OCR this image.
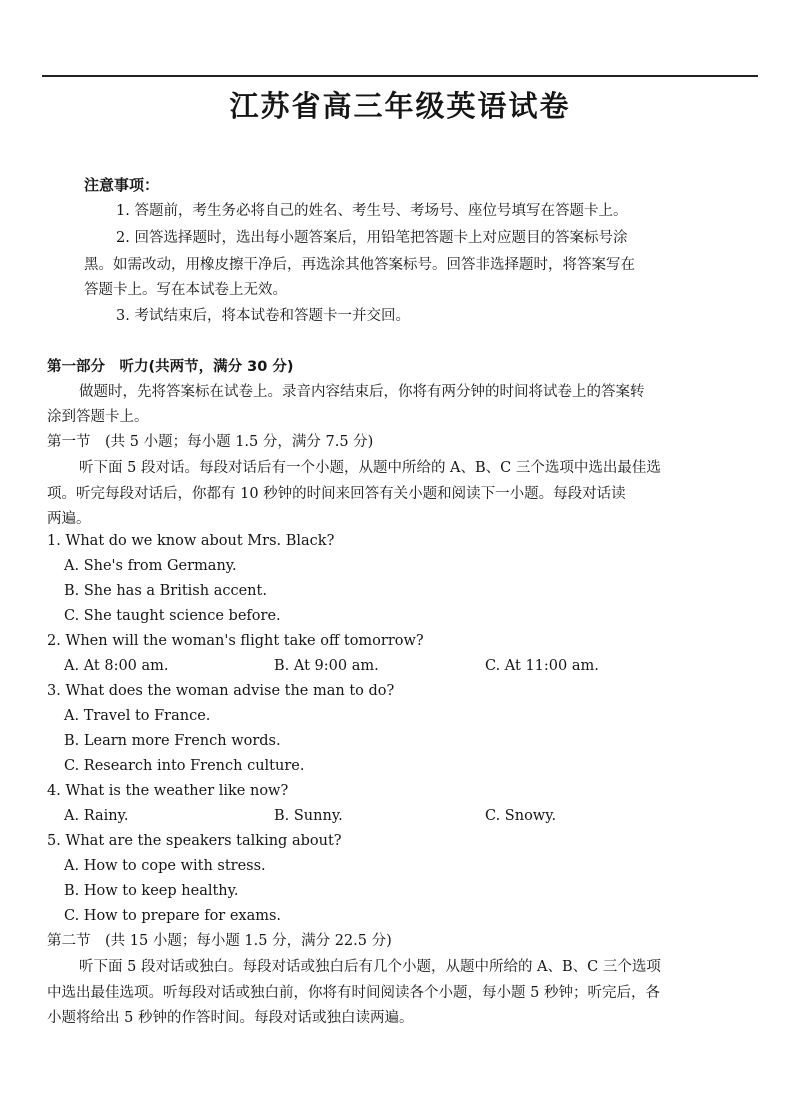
江苏省高三年级英语试卷
注意事项：
1. 答题前，考生务必将自己的姓名、考生号、考场号、座位号填写在答题卡上。
2. 回答选择题时，选出每小题答案后，用铅笔把答题卡上对应题目的答案标号涂
黑。如需改动，用橡皮擦干净后，再选涂其他答案标号。回答非选择题时，将答案写在
答题卡上。写在本试卷上无效。
3. 考试结束后，将本试卷和答题卡一并交回。
第一部分　听力(共两节，满分 30 分)
做题时，先将答案标在试卷上。录音内容结束后，你将有两分钟的时间将试卷上的答案转
涂到答题卡上。
第一节　(共 5 小题；每小题 1.5 分，满分 7.5 分)
听下面 5 段对话。每段对话后有一个小题，从题中所给的 A、B、C 三个选项中选出最佳选
项。听完每段对话后，你都有 10 秒钟的时间来回答有关小题和阅读下一小题。每段对话读
两遍。
1. What do we know about Mrs. Black?
A. She's from Germany.
B. She has a British accent.
C. She taught science before.
2. When will the woman's flight take off tomorrow?
A. At 8:00 am.	B. At 9:00 am.	C. At 11:00 am.
3. What does the woman advise the man to do?
A. Travel to France.
B. Learn more French words.
C. Research into French culture.
4. What is the weather like now?
A. Rainy.	B. Sunny.	C. Snowy.
5. What are the speakers talking about?
A. How to cope with stress.
B. How to keep healthy.
C. How to prepare for exams.
第二节　(共 15 小题；每小题 1.5 分，满分 22.5 分)
听下面 5 段对话或独白。每段对话或独白后有几个小题，从题中所给的 A、B、C 三个选项
中选出最佳选项。听每段对话或独白前，你将有时间阅读各个小题，每小题 5 秒钟；听完后，各
小题将给出 5 秒钟的作答时间。每段对话或独白读两遍。
